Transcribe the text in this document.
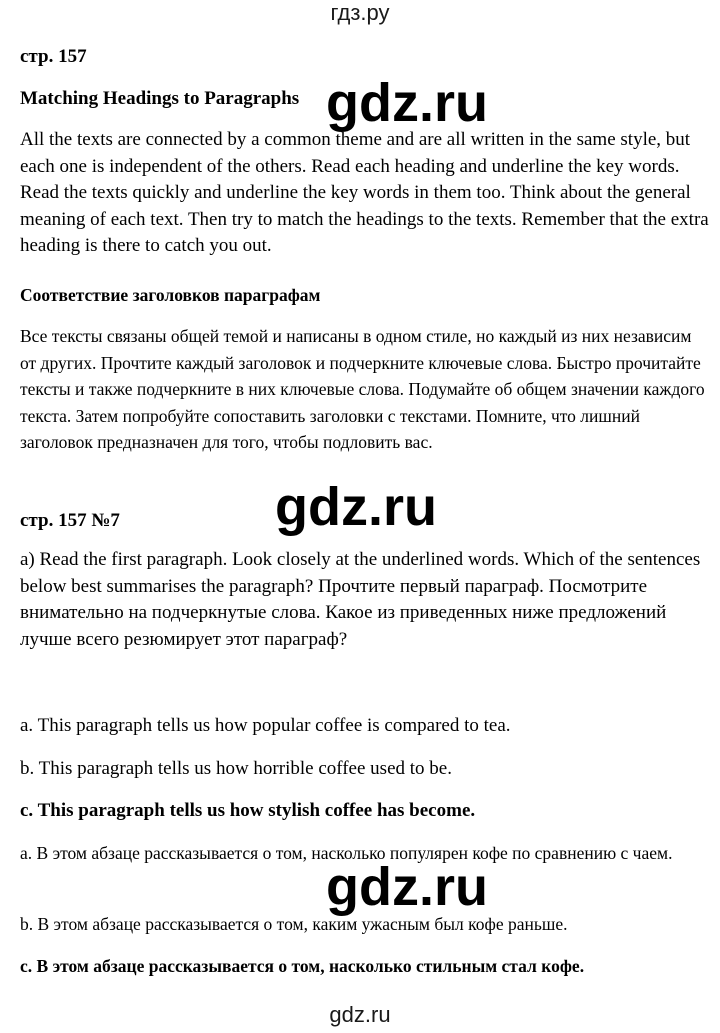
гдз.ру

стр. 157

Matching Headings to Paragraphs

All the texts are connected by a common theme and are all written in the same style, but each one is independent of the others. Read each heading and underline the key words. Read the texts quickly and underline the key words in them too. Think about the general meaning of each text. Then try to match the headings to the texts. Remember that the extra heading is there to catch you out.

Соответствие заголовков параграфам

Все тексты связаны общей темой и написаны в одном стиле, но каждый из них независим от других. Прочтите каждый заголовок и подчеркните ключевые слова. Быстро прочитайте тексты и также подчеркните в них ключевые слова. Подумайте об общем значении каждого текста. Затем попробуйте сопоставить заголовки с текстами. Помните, что лишний заголовок предназначен для того, чтобы подловить вас.

стр. 157 №7

a) Read the first paragraph. Look closely at the underlined words. Which of the sentences below best summarises the paragraph? Прочтите первый параграф. Посмотрите внимательно на подчеркнутые слова. Какое из приведенных ниже предложений лучше всего резюмирует этот параграф?

a. This paragraph tells us how popular coffee is compared to tea.

b. This paragraph tells us how horrible coffee used to be.

c. This paragraph tells us how stylish coffee has become.

а. В этом абзаце рассказывается о том, насколько популярен кофе по сравнению с чаем.

b. В этом абзаце рассказывается о том, каким ужасным был кофе раньше.

с. В этом абзаце рассказывается о том, насколько стильным стал кофе.

gdz.ru
gdz.ru
gdz.ru
gdz.ru
